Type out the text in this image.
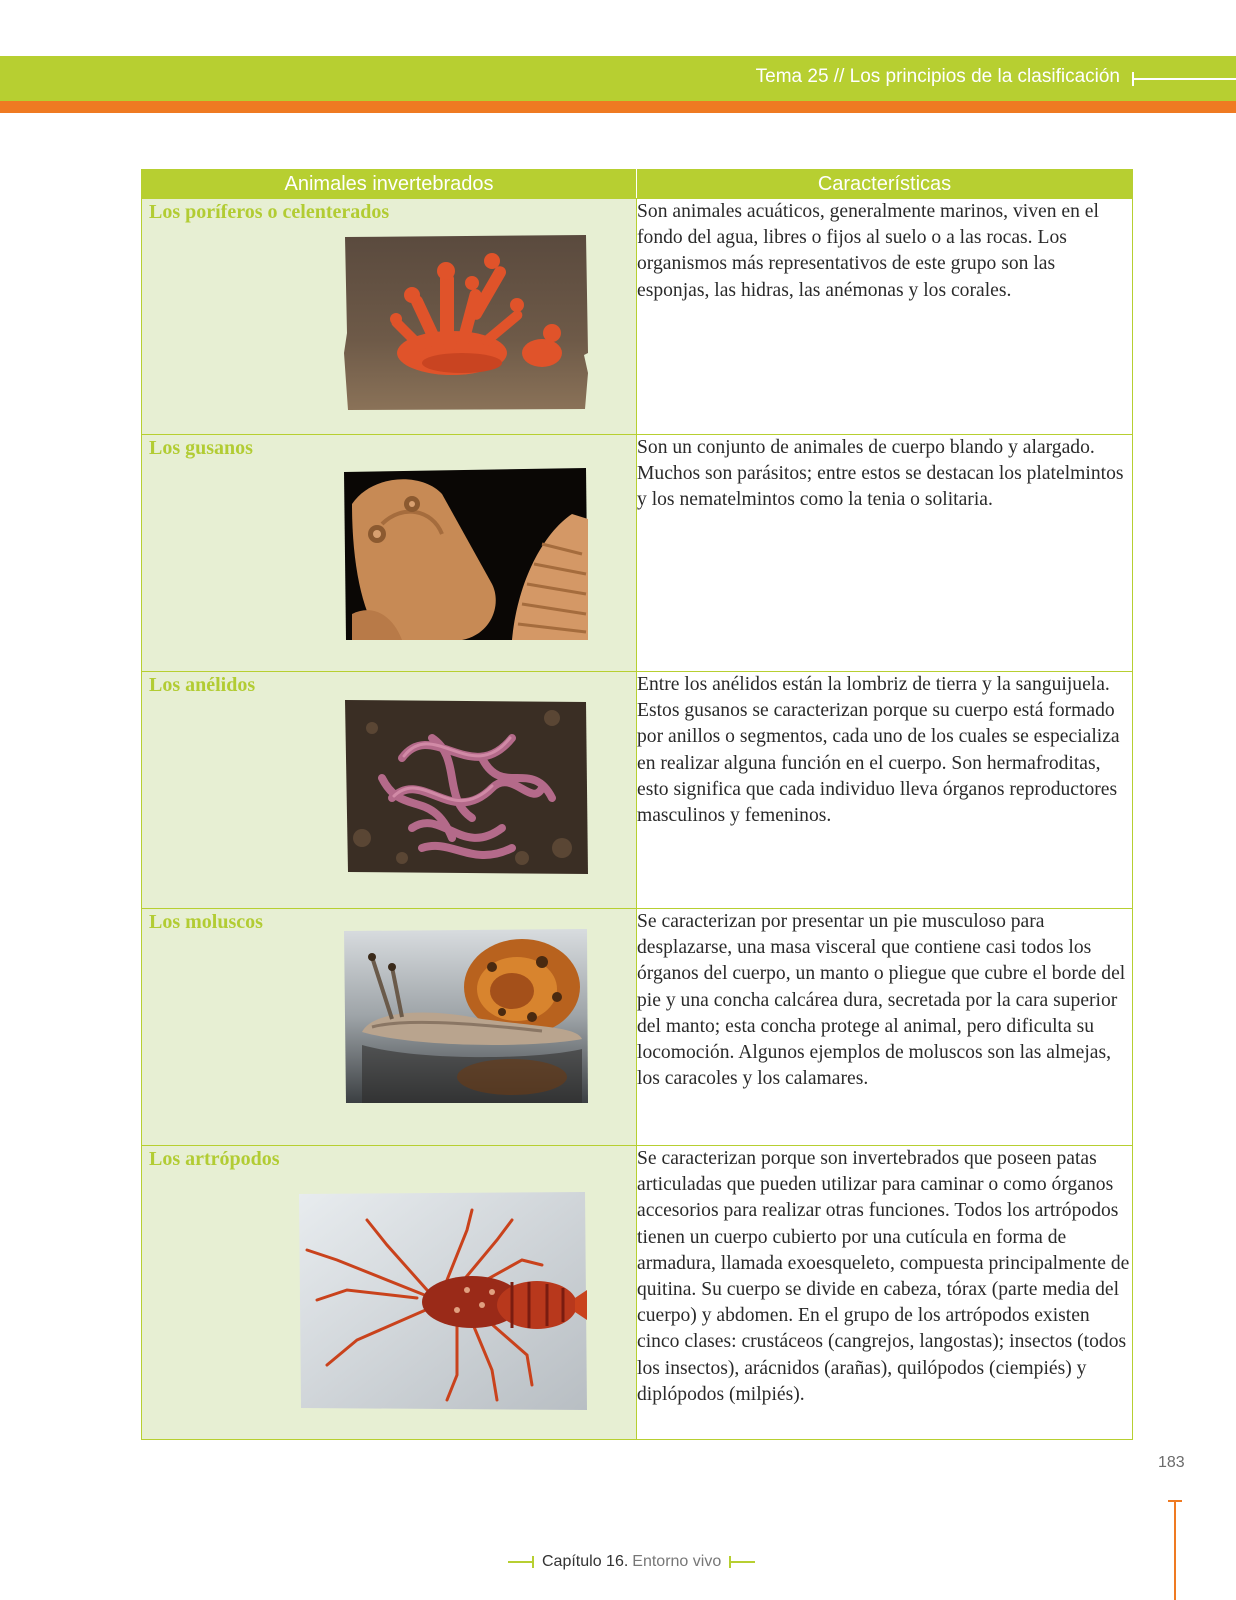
Tema 25 // Los principios de la clasificación
Animales invertebrados	Características

Los poríferos o celenterados	Son animales acuáticos, generalmente marinos, viven en el fondo del agua, libres o fijos al suelo o a las rocas. Los organismos más representativos de este grupo son las esponjas, las hidras, las anémonas y los corales.

Los gusanos	Son un conjunto de animales de cuerpo blando y alargado. Muchos son parásitos; entre estos se destacan los platelmintos y los nematelmintos como la tenia o solitaria.

Los anélidos	Entre los anélidos están la lombriz de tierra y la sanguijuela. Estos gusanos se caracterizan porque su cuerpo está formado por anillos o segmentos, cada uno de los cuales se especializa en realizar alguna función en el cuerpo. Son hermafroditas, esto significa que cada individuo lleva órganos reproductores masculinos y femeninos.

Los moluscos	Se caracterizan por presentar un pie musculoso para desplazarse, una masa visceral que contiene casi todos los órganos del cuerpo, un manto o pliegue que cubre el borde del pie y una concha calcárea dura, secretada por la cara superior del manto; esta concha protege al animal, pero dificulta su locomoción. Algunos ejemplos de moluscos son las almejas, los caracoles y los calamares.

Los artrópodos	Se caracterizan porque son invertebrados que poseen patas articuladas que pueden utilizar para caminar o como órganos accesorios para realizar otras funciones. Todos los artrópodos tienen un cuerpo cubierto por una cutícula en forma de armadura, llamada exoesqueleto, compuesta principalmente de quitina. Su cuerpo se divide en cabeza, tórax (parte media del cuerpo) y abdomen. En el grupo de los artrópodos existen cinco clases: crustáceos (cangrejos, langostas); insectos (todos los insectos), arácnidos (arañas), quilópodos (ciempiés) y diplópodos (milpiés).
183
Capítulo 16. Entorno vivo
